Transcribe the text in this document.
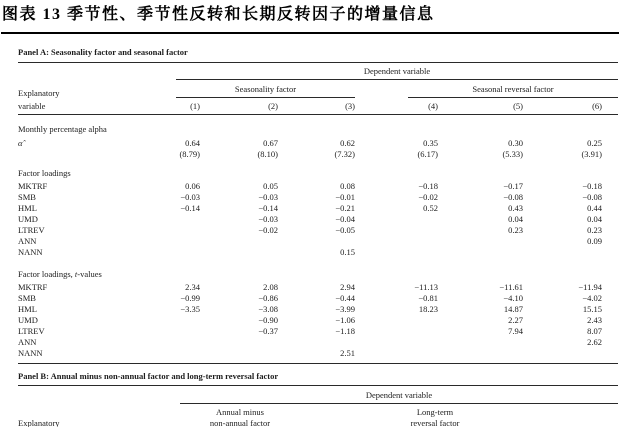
图表 13 季节性、季节性反转和长期反转因子的增量信息
Panel A: Seasonality factor and seasonal factor

	Dependent variable						

Explanatory	Seasonality factor			Seasonal reversal factor			

variable	(1)	(2)	(3)	(4)	(5)	(6)	
Monthly percentage alpha							
α̂	0.64	0.67	0.62	0.35	0.30	0.25	
	(8.79)	(8.10)	(7.32)	(6.17)	(5.33)	(3.91)	
Factor loadings							
MKTRF	0.06	0.05	0.08	−0.18	−0.17	−0.18	
SMB	−0.03	−0.03	−0.01	−0.02	−0.08	−0.08	
HML	−0.14	−0.14	−0.21	0.52	0.43	0.44	
UMD		−0.03	−0.04		0.04	0.04	
LTREV		−0.02	−0.05		0.23	0.23	
ANN						0.09	
NANN			0.15				
Factor loadings, t-values							
MKTRF	2.34	2.08	2.94	−11.13	−11.61	−11.94	
SMB	−0.99	−0.86	−0.44	−0.81	−4.10	−4.02	
HML	−3.35	−3.08	−3.99	18.23	14.87	15.15	
UMD		−0.90	−1.06		2.27	2.43	
LTREV		−0.37	−1.18		7.94	8.07	
ANN						2.62	
NANN			2.51				

Panel B: Annual minus non-annual factor and long-term reversal factor
Dependent variable
Annual minus
non-annual factor
Long-term
reversal factor
Explanatory
